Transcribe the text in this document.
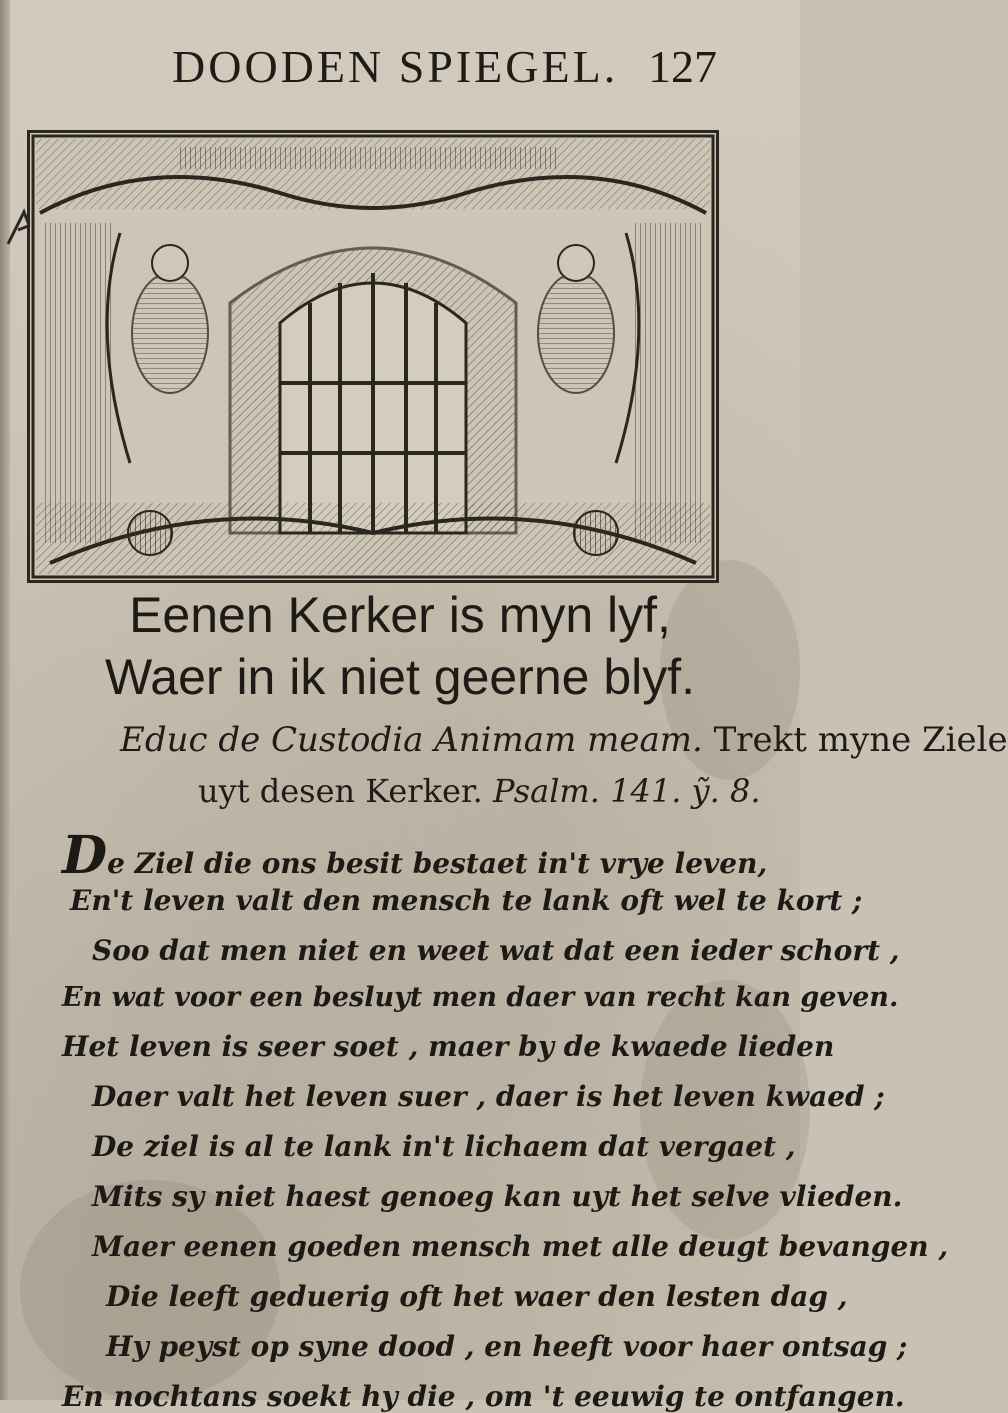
DOODEN SPIEGEL. 127
Eenen Kerker is myn lyf,
Waer in ik niet geerne blyf.
Educ de Custodia Animam meam. Trekt myne Ziele
uyt desen Kerker. Psalm. 141. ỹ. 8.
De Ziel die ons besit bestaet in't vrye leven,
En't leven valt den mensch te lank oft wel te kort ;
Soo dat men niet en weet wat dat een ieder schort ,
En wat voor een besluyt men daer van recht kan geven.
Het leven is seer soet , maer by de kwaede lieden
Daer valt het leven suer , daer is het leven kwaed ;
De ziel is al te lank in't lichaem dat vergaet ,
Mits sy niet haest genoeg kan uyt het selve vlieden.
Maer eenen goeden mensch met alle deugt bevangen ,
Die leeft geduerig oft het waer den lesten dag ,
Hy peyst op syne dood , en heeft voor haer ontsag ;
En nochtans soekt hy die , om 't eeuwig te ontfangen.
